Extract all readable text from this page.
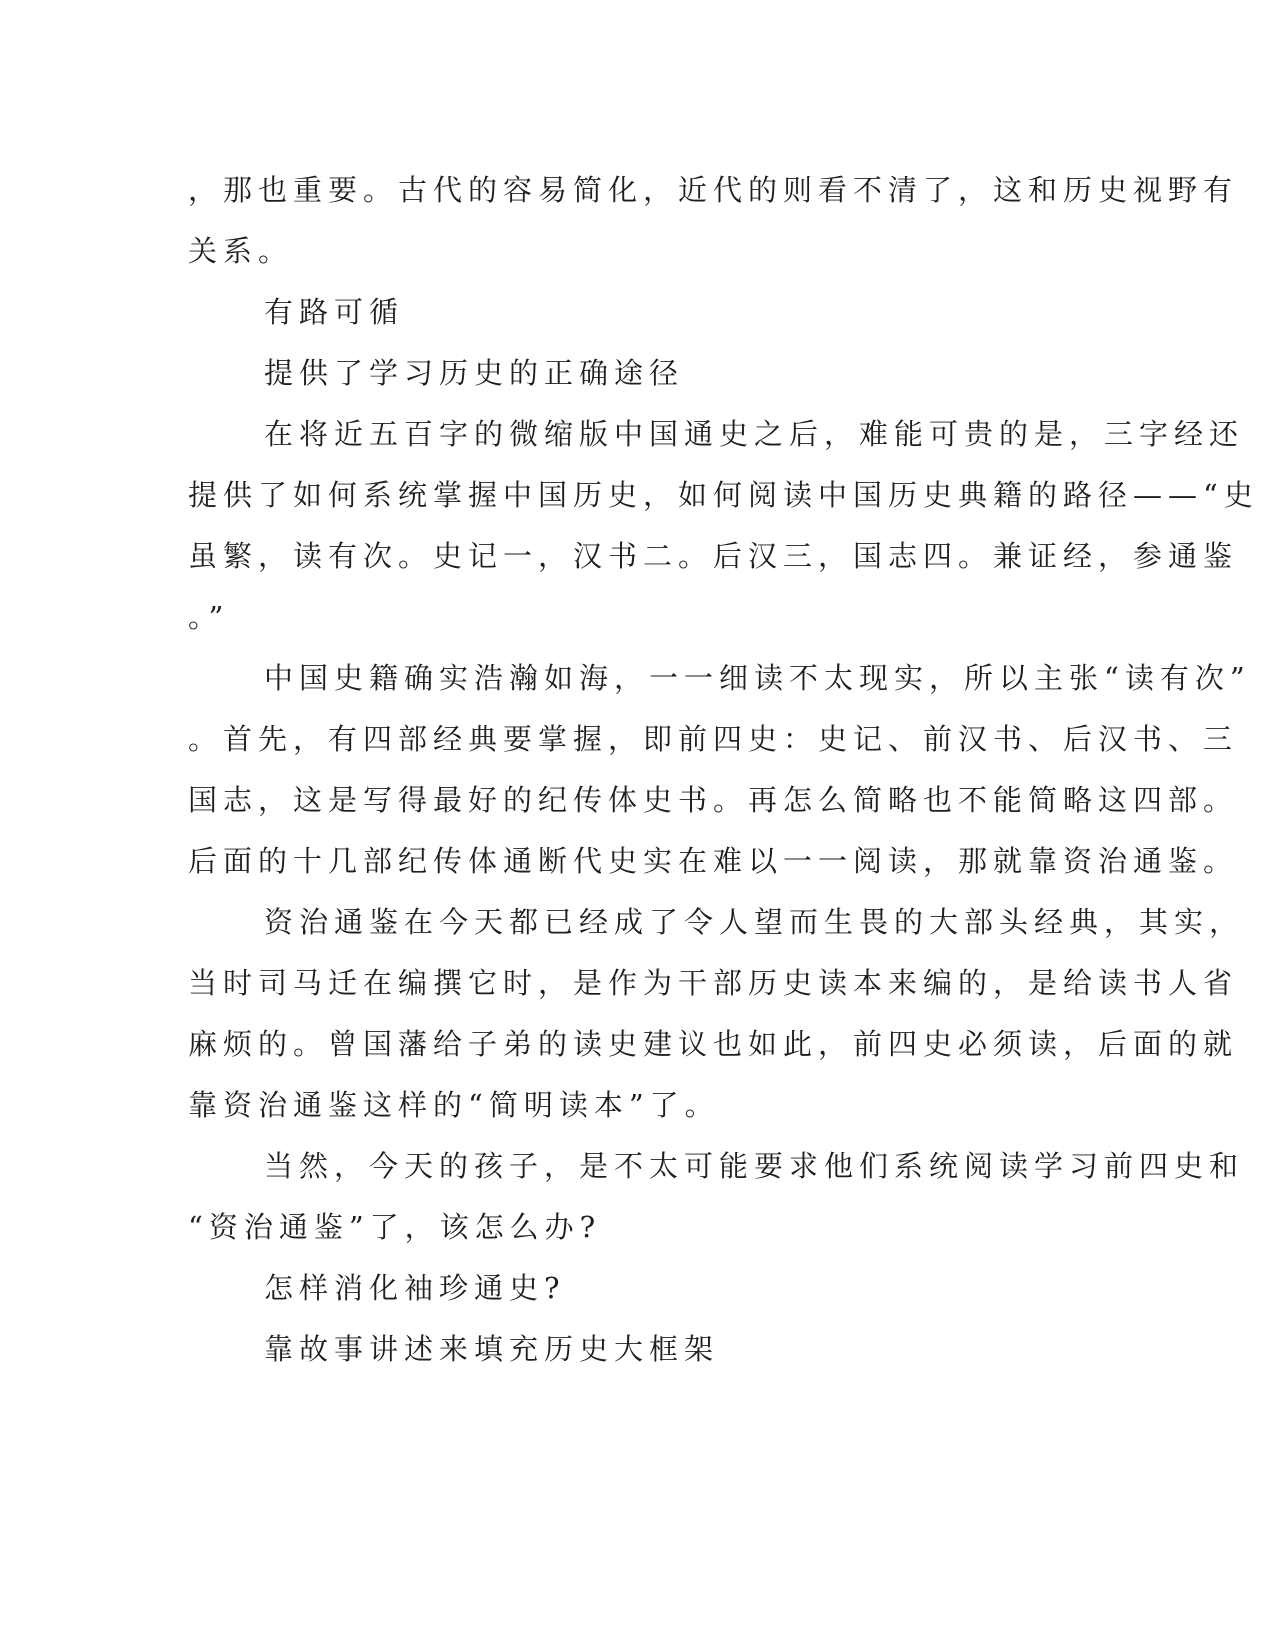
，那也重要。古代的容易简化，近代的则看不清了，这和历史视野有

关系。

有路可循

提供了学习历史的正确途径

在将近五百字的微缩版中国通史之后，难能可贵的是，三字经还

提供了如何系统掌握中国历史，如何阅读中国历史典籍的路径——“史

虽繁，读有次。史记一，汉书二。后汉三，国志四。兼证经，参通鉴

。”

中国史籍确实浩瀚如海，一一细读不太现实，所以主张“读有次”

。首先，有四部经典要掌握，即前四史：史记、前汉书、后汉书、三

国志，这是写得最好的纪传体史书。再怎么简略也不能简略这四部。

后面的十几部纪传体通断代史实在难以一一阅读，那就靠资治通鉴。

资治通鉴在今天都已经成了令人望而生畏的大部头经典，其实，

当时司马迁在编撰它时，是作为干部历史读本来编的，是给读书人省

麻烦的。曾国藩给子弟的读史建议也如此，前四史必须读，后面的就

靠资治通鉴这样的“简明读本”了。

当然，今天的孩子，是不太可能要求他们系统阅读学习前四史和

“资治通鉴”了，该怎么办?

怎样消化袖珍通史?

靠故事讲述来填充历史大框架
